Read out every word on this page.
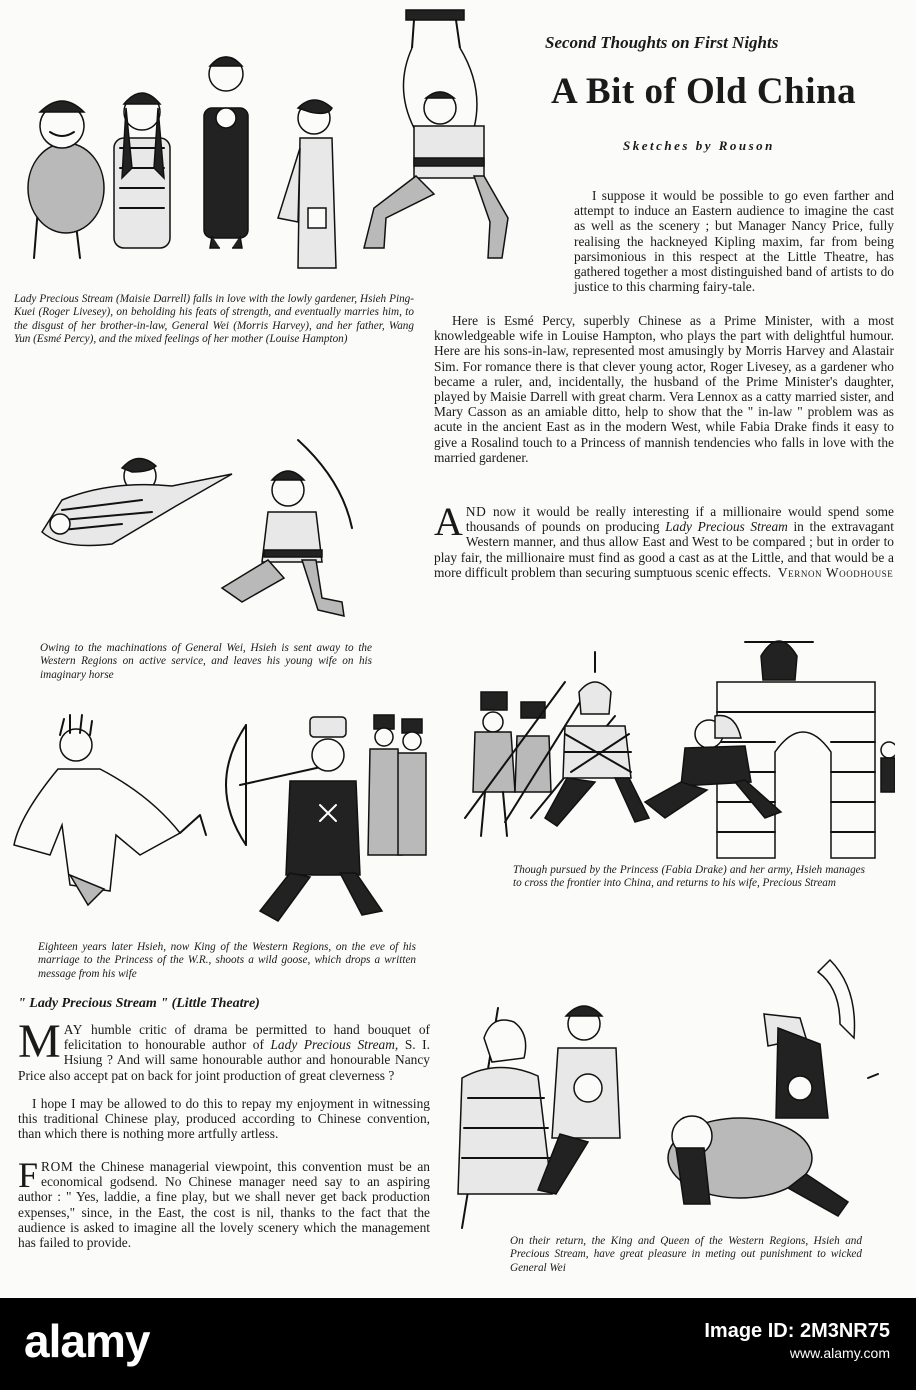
Second Thoughts on First Nights
A Bit of Old China
Sketches by Rouson

I suppose it would be possible to go even farther and attempt to induce an Eastern audience to imagine the cast as well as the scenery ; but Manager Nancy Price, fully realising the hackneyed Kipling maxim, far from being parsimonious in this respect at the Little Theatre, has gathered together a most distinguished band of artists to do justice to this charming fairy-tale.

Here is Esmé Percy, superbly Chinese as a Prime Minister, with a most knowledgeable wife in Louise Hampton, who plays the part with delightful humour. Here are his sons-in-law, represented most amusingly by Morris Harvey and Alastair Sim. For romance there is that clever young actor, Roger Livesey, as a gardener who became a ruler, and, incidentally, the husband of the Prime Minister's daughter, played by Maisie Darrell with great charm. Vera Lennox as a catty married sister, and Mary Casson as an amiable ditto, help to show that the " in-law " problem was as acute in the ancient East as in the modern West, while Fabia Drake finds it easy to give a Rosalind touch to a Princess of mannish tendencies who falls in love with the married gardener.

AND now it would be really interesting if a millionaire would spend some thousands of pounds on producing Lady Precious Stream in the extravagant Western manner, and thus allow East and West to be compared ; but in order to play fair, the millionaire must find as good a cast as at the Little, and that would be a more difficult problem than securing sumptuous scenic effects. Vernon Woodhouse

Lady Precious Stream (Maisie Darrell) falls in love with the lowly gardener, Hsieh Ping-Kuei (Roger Livesey), on beholding his feats of strength, and eventually marries him, to the disgust of her brother-in-law, General Wei (Morris Harvey), and her father, Wang Yun (Esmé Percy), and the mixed feelings of her mother (Louise Hampton)

Owing to the machinations of General Wei, Hsieh is sent away to the Western Regions on active service, and leaves his young wife on his imaginary horse

Though pursued by the Princess (Fabia Drake) and her army, Hsieh manages to cross the frontier into China, and returns to his wife, Precious Stream

Eighteen years later Hsieh, now King of the Western Regions, on the eve of his marriage to the Princess of the W.R., shoots a wild goose, which drops a written message from his wife

On their return, the King and Queen of the Western Regions, Hsieh and Precious Stream, have great pleasure in meting out punishment to wicked General Wei

" Lady Precious Stream " (Little Theatre)

MAY humble critic of drama be permitted to hand bouquet of felicitation to honourable author of Lady Precious Stream, S. I. Hsiung ? And will same honourable author and honourable Nancy Price also accept pat on back for joint production of great cleverness ?

I hope I may be allowed to do this to repay my enjoyment in witnessing this traditional Chinese play, produced according to Chinese convention, than which there is nothing more artfully artless.

FROM the Chinese managerial viewpoint, this convention must be an economical godsend. No Chinese manager need say to an aspiring author : " Yes, laddie, a fine play, but we shall never get back production expenses," since, in the East, the cost is nil, thanks to the fact that the audience is asked to imagine all the lovely scenery which the management has failed to provide.

alamy	Image ID: 2M3NR75
www.alamy.com
